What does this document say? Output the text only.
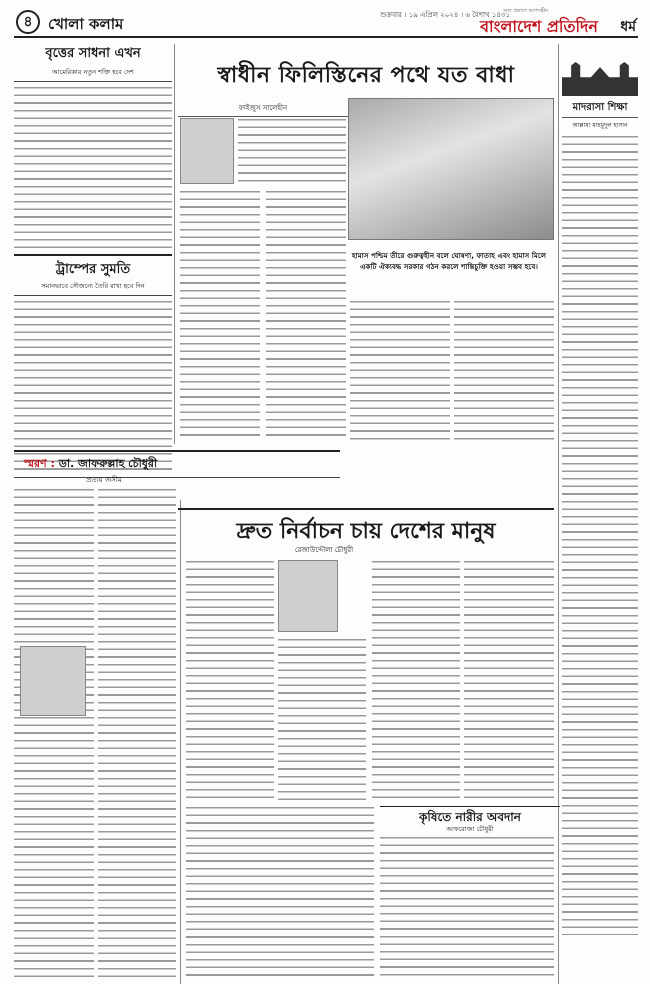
৪	খোলা কলাম
সত্য প্রকাশে আপসহীন
শুক্রবার । ১৯ এপ্রিল ২০২৪ । ৬ বৈশাখ ১৪৩১
বাংলাদেশ প্রতিদিন ধর্ম
বৃত্তের সাধনা এখন
আমেরিকার নতুন শক্তি হবে দেশ
ট্রাম্পের সুমতি
সমানভাবে সৌজন্যে তৈরি রাখা হবে দিন
স্বাধীন ফিলিস্তিনের পথে যত বাধা
ফাইজুস সালেহীন
হামাস পশ্চিম তীরে গুরুত্বহীন বলে ঘোষণা, ফাতাহ এবং হামাস মিলে একটি ঐক্যবদ্ধ সরকার গঠন করলে শান্তিচুক্তি হওয়া সম্ভব হবে।
মাদরাসা শিক্ষা
আল্লামা মাহমুদুল হাসান
স্মরণ : ডা. জাফরুল্লাহ চৌধুরী
প্রত্যয় জসীম
দ্রুত নির্বাচন চায় দেশের মানুষ
রেজাউদ্দৌলা চৌধুরী
কৃষিতে নারীর অবদান
আফরোজা চৌধুরী
